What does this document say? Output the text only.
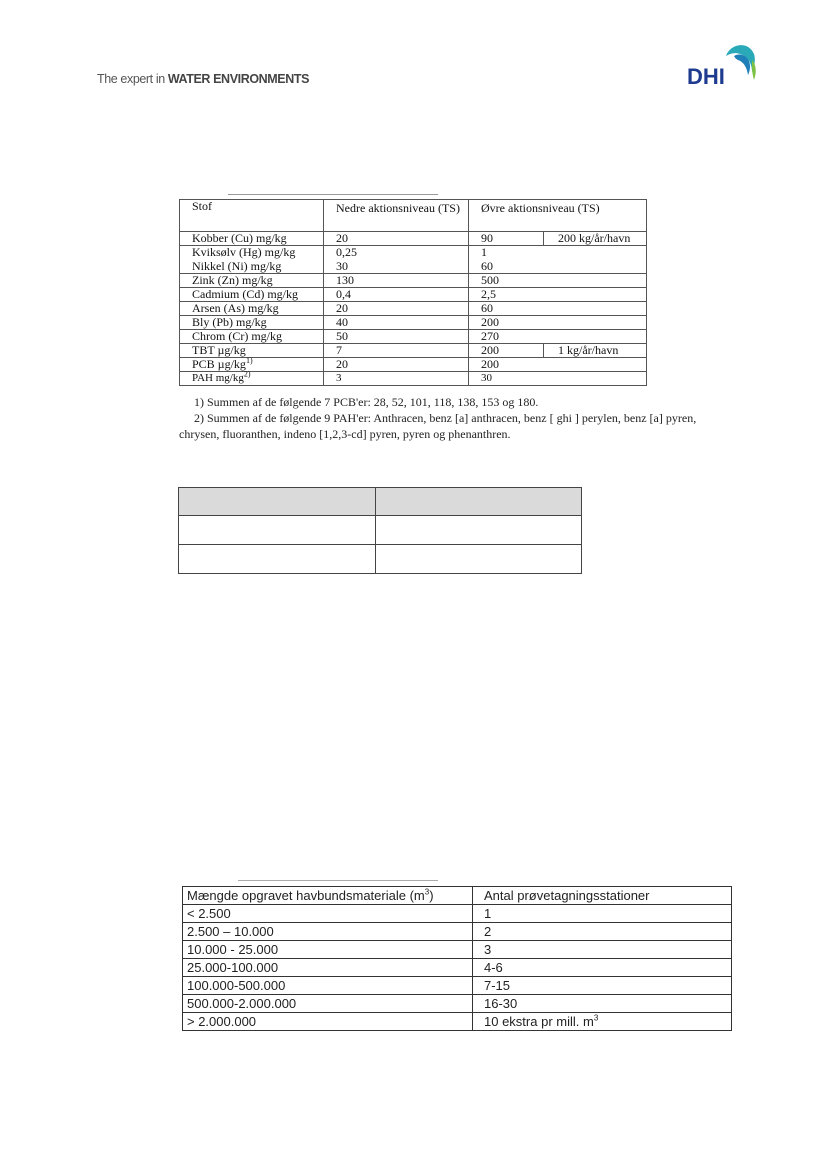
The expert in WATER ENVIRONMENTS	DHI
Stof	Nedre aktionsniveau (TS)	Øvre aktionsniveau (TS)	
Kobber (Cu) mg/kg	20	90	200 kg/år/havn
Kviksølv (Hg) mg/kg	0,25	1	
Nikkel (Ni) mg/kg	30	60	
Zink (Zn) mg/kg	130	500	
Cadmium (Cd) mg/kg	0,4	2,5	
Arsen (As) mg/kg	20	60	
Bly (Pb) mg/kg	40	200	
Chrom (Cr) mg/kg	50	270	
TBT µg/kg	7	200	1 kg/år/havn
PCB $\mu g/kg^{1)}$	20	200	
PAH $mg/kg^{2)}$	3	30	
1) Summen af de følgende 7 PCB'er: 28, 52, 101, 118, 138, 153 og 180.
2) Summen af de følgende 9 PAH'er: Anthracen, benz [a] anthracen, benz [ ghi ] perylen, benz [a] pyren,
chrysen, fluoranthen, indeno [1,2,3-cd] pyren, pyren og phenanthren.

Mængde opgravet havbundsmateriale $(m^3)$	Antal prøvetagningsstationer
< 2.500	1
2.500 – 10.000	2
10.000 - 25.000	3
25.000-100.000	4-6
100.000-500.000	7-15
500.000-2.000.000	16-30
> 2.000.000	10 ekstra pr mill. $m^3$
